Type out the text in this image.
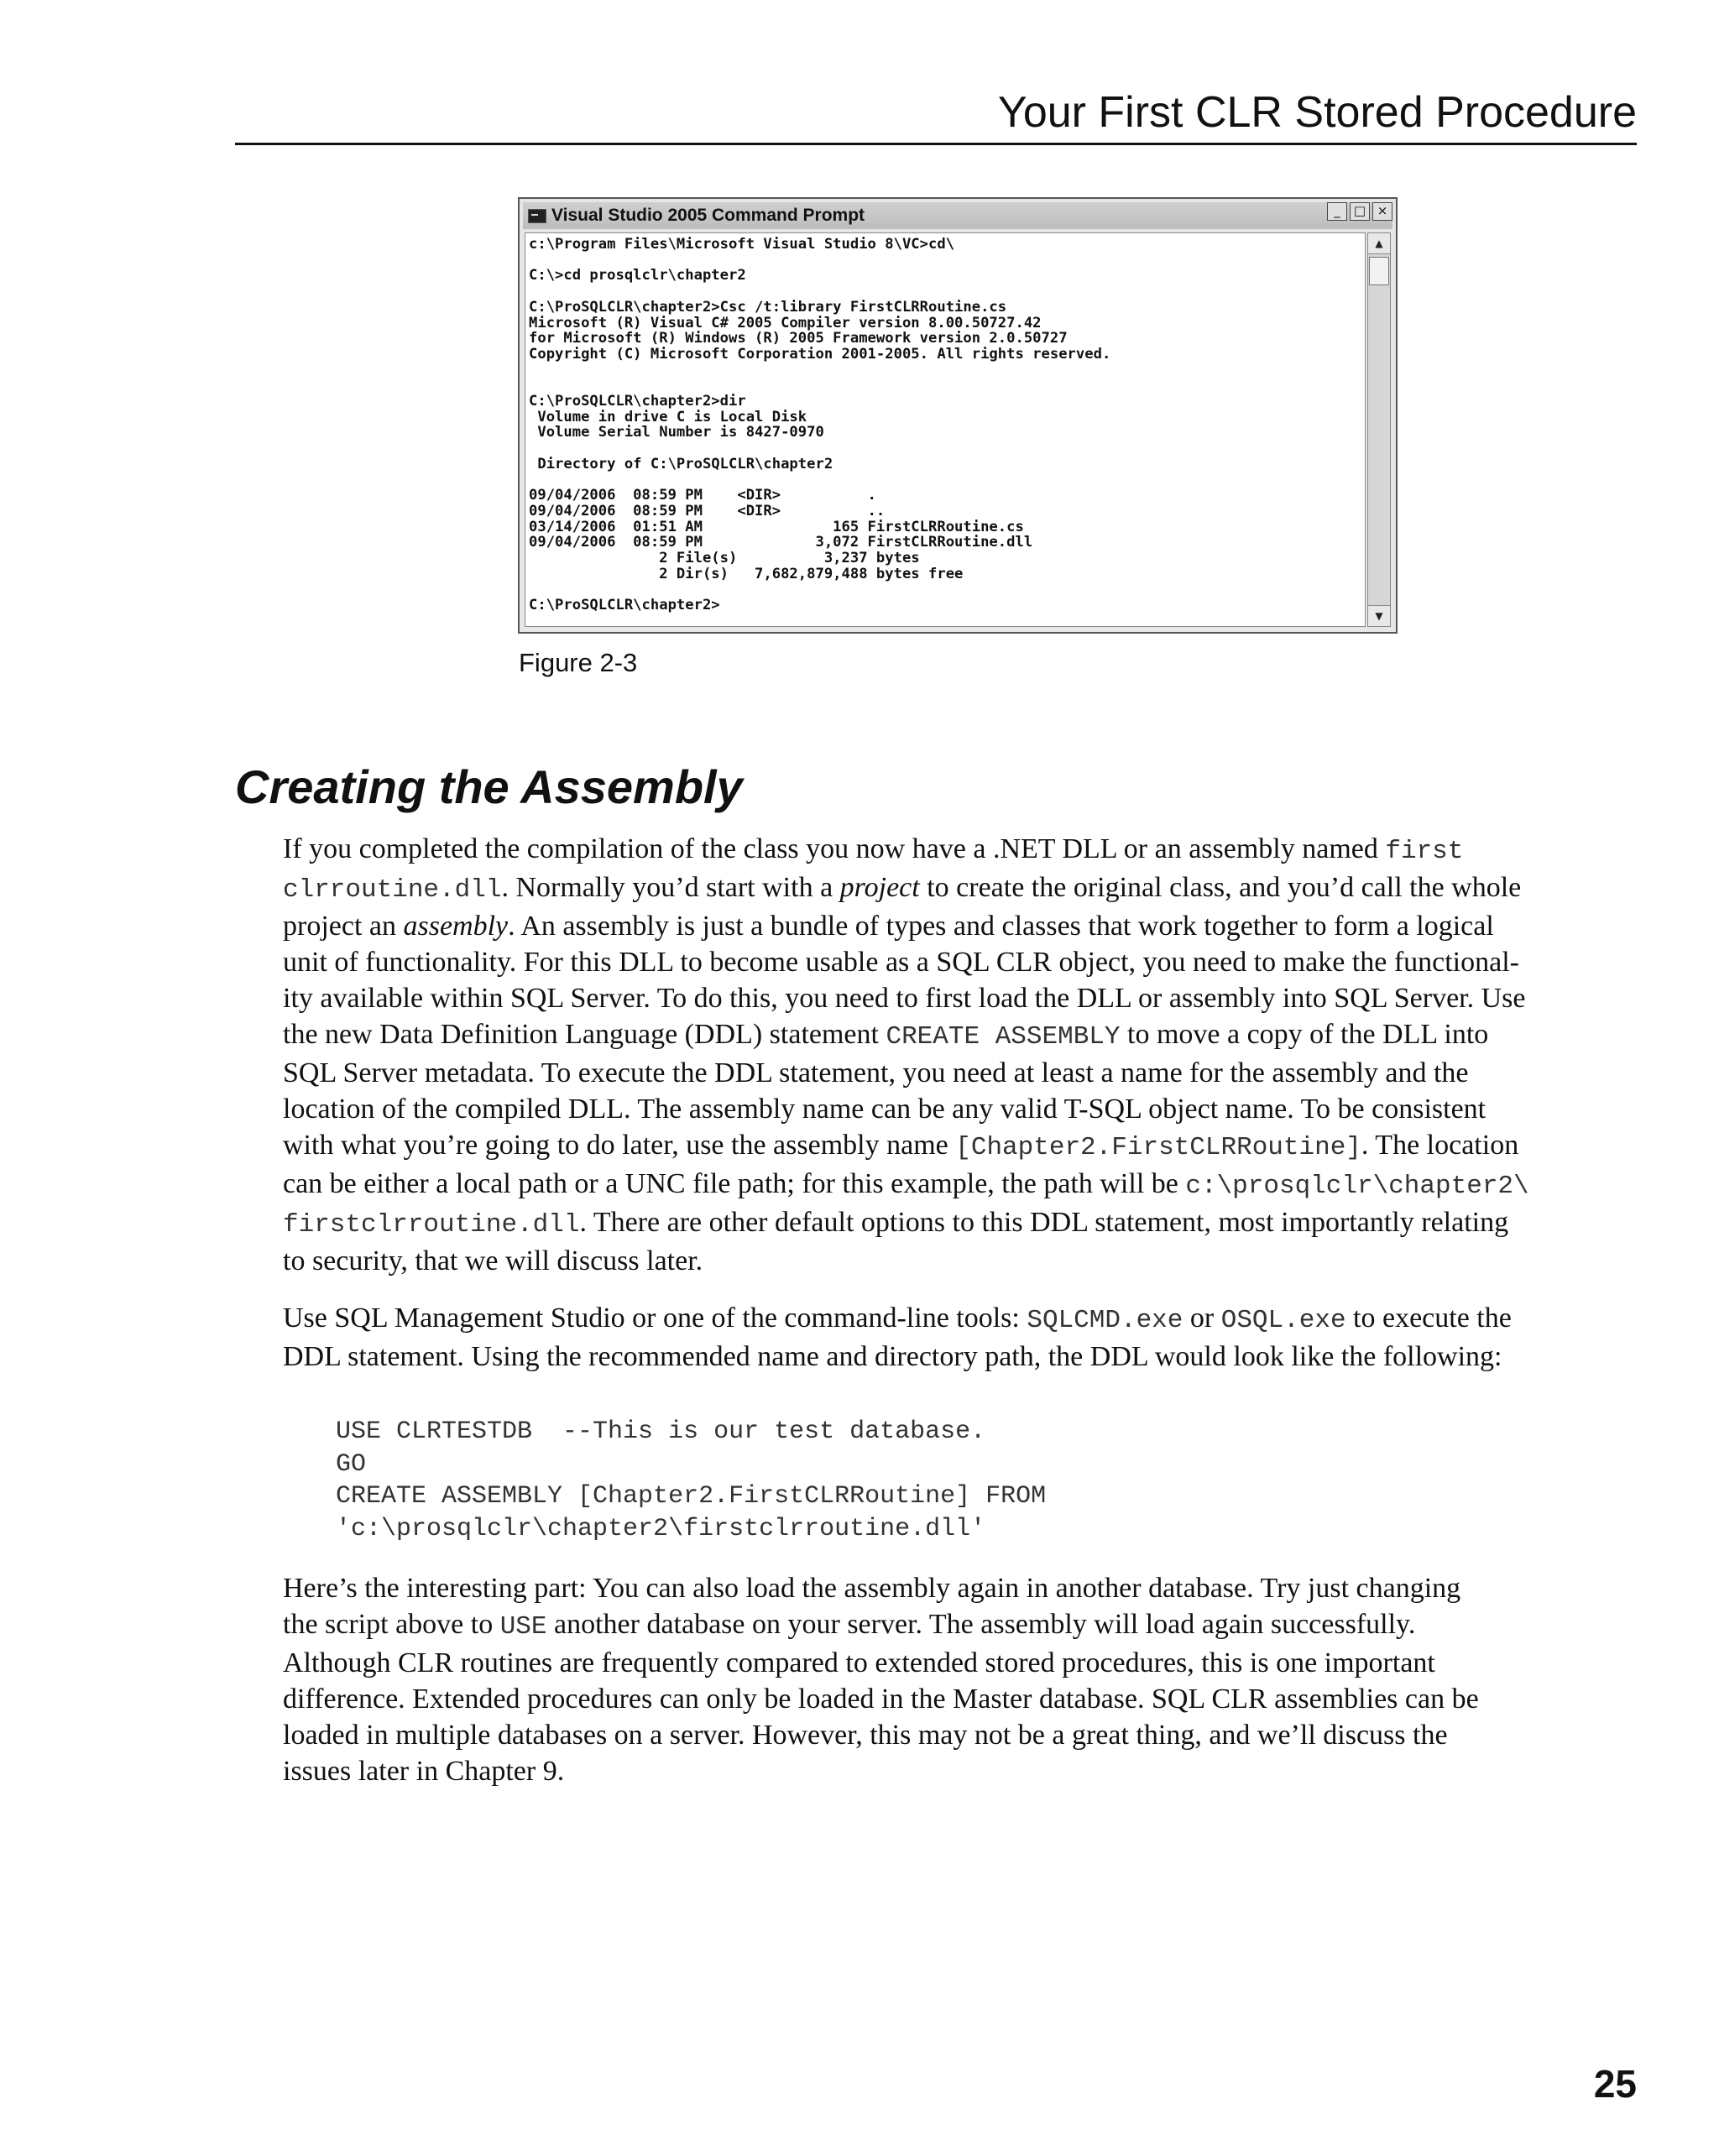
Your First CLR Stored Procedure
Visual Studio 2005 Command Prompt	_ □ ×
c:\Program Files\Microsoft Visual Studio 8\VC>cd\

C:\>cd prosqlclr\chapter2

C:\ProSQLCLR\chapter2>Csc /t:library FirstCLRRoutine.cs
Microsoft (R) Visual C# 2005 Compiler version 8.00.50727.42
for Microsoft (R) Windows (R) 2005 Framework version 2.0.50727
Copyright (C) Microsoft Corporation 2001-2005. All rights reserved.

C:\ProSQLCLR\chapter2>dir
Volume in drive C is Local Disk
Volume Serial Number is 8427-0970

Directory of C:\ProSQLCLR\chapter2

09/04/2006  08:59 PM    <DIR>          .
09/04/2006  08:59 PM    <DIR>          ..
03/14/2006  01:51 AM               165 FirstCLRRoutine.cs
09/04/2006  08:59 PM             3,072 FirstCLRRoutine.dll
2 File(s)          3,237 bytes
2 Dir(s)   7,682,879,488 bytes free

C:\ProSQLCLR\chapter2>
▲
▼
Figure 2-3
Creating the Assembly
If you completed the compilation of the class you now have a .NET DLL or an assembly named first
clrroutine.dll. Normally you’d start with a project to create the original class, and you’d call the whole
project an assembly. An assembly is just a bundle of types and classes that work together to form a logical
unit of functionality. For this DLL to become usable as a SQL CLR object, you need to make the functional-
ity available within SQL Server. To do this, you need to first load the DLL or assembly into SQL Server. Use
the new Data Definition Language (DDL) statement CREATE ASSEMBLY to move a copy of the DLL into
SQL Server metadata. To execute the DDL statement, you need at least a name for the assembly and the
location of the compiled DLL. The assembly name can be any valid T-SQL object name. To be consistent
with what you’re going to do later, use the assembly name [Chapter2.FirstCLRRoutine]. The location
can be either a local path or a UNC file path; for this example, the path will be c:\prosqlclr\chapter2\
firstclrroutine.dll. There are other default options to this DDL statement, most importantly relating
to security, that we will discuss later.
Use SQL Management Studio or one of the command-line tools: SQLCMD.exe or OSQL.exe to execute the
DDL statement. Using the recommended name and directory path, the DDL would look like the following:
USE CLRTESTDB  --This is our test database.
GO
CREATE ASSEMBLY [Chapter2.FirstCLRRoutine] FROM
'c:\prosqlclr\chapter2\firstclrroutine.dll'
Here’s the interesting part: You can also load the assembly again in another database. Try just changing
the script above to USE another database on your server. The assembly will load again successfully.
Although CLR routines are frequently compared to extended stored procedures, this is one important
difference. Extended procedures can only be loaded in the Master database. SQL CLR assemblies can be
loaded in multiple databases on a server. However, this may not be a great thing, and we’ll discuss the
issues later in Chapter 9.
25
